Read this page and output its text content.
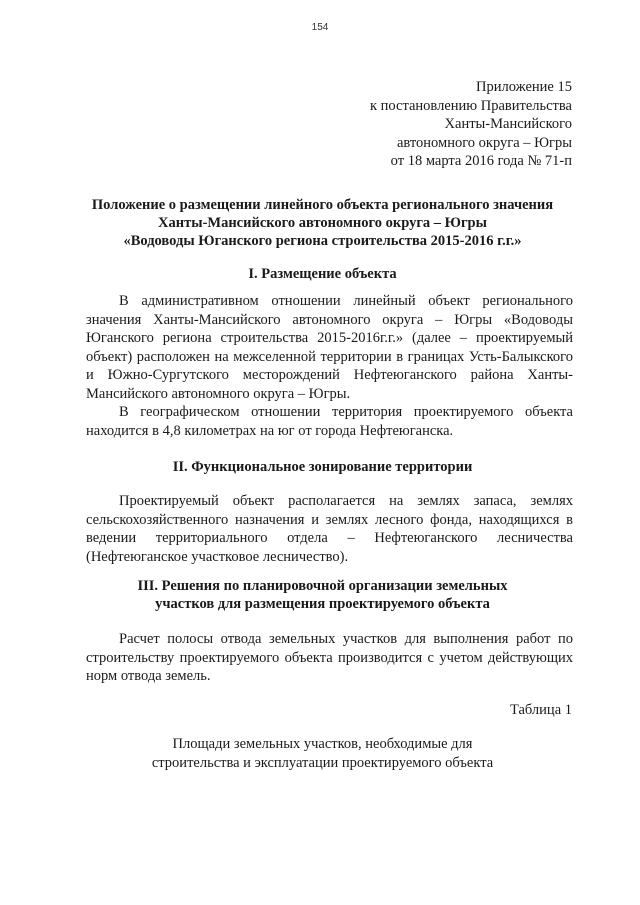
154
Приложение 15
к постановлению Правительства
Ханты-Мансийского
автономного округа – Югры
от 18 марта 2016 года № 71-п
Положение о размещении линейного объекта регионального значения
Ханты-Мансийского автономного округа – Югры
«Водоводы Юганского региона строительства 2015-2016 г.г.»
I. Размещение объекта

В административном отношении линейный объект регионального значения Ханты-Мансийского автономного округа – Югры «Водоводы Юганского региона строительства 2015-2016г.г.» (далее – проектируемый объект) расположен на межселенной территории в границах Усть-Балыкского и Южно-Сургутского месторождений Нефтеюганского района Ханты-Мансийского автономного округа – Югры.

В географическом отношении территория проектируемого объекта находится в 4,8 километрах на юг от города Нефтеюганска.

II. Функциональное зонирование территории

Проектируемый объект располагается на землях запаса, землях сельскохозяйственного назначения и землях лесного фонда, находящихся в ведении территориального отдела – Нефтеюганского лесничества (Нефтеюганское участковое лесничество).

III. Решения по планировочной организации земельных
участков для размещения проектируемого объекта

Расчет полосы отвода земельных участков для выполнения работ по строительству проектируемого объекта производится с учетом действующих норм отвода земель.

Таблица 1
Площади земельных участков, необходимые для
строительства и эксплуатации проектируемого объекта
